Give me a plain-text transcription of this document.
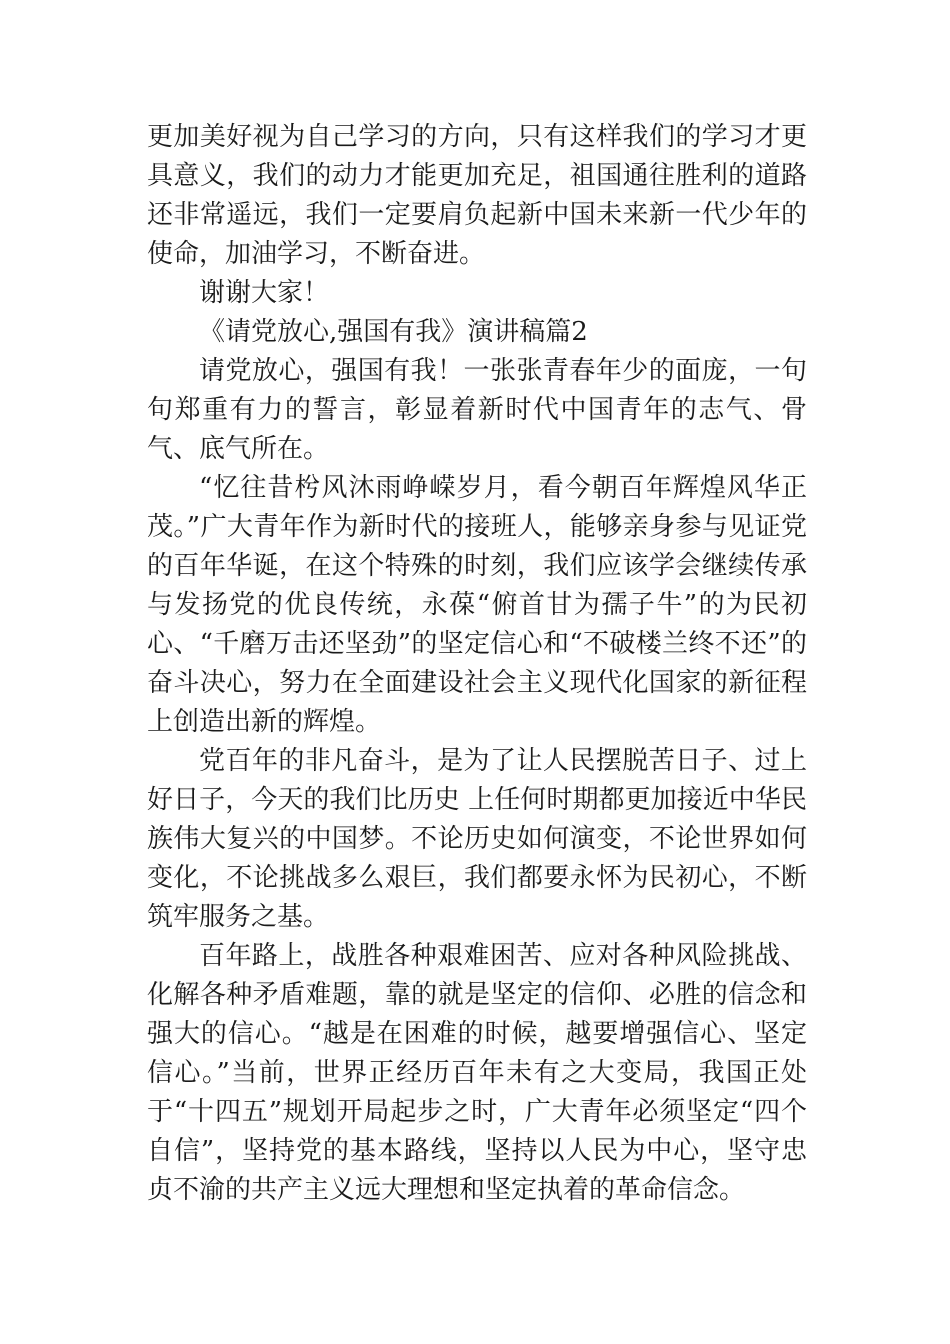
更加美好视为自己学习的方向，只有这样我们的学习才更具意义，我们的动力才能更加充足，祖国通往胜利的道路还非常遥远，我们一定要肩负起新中国未来新一代少年的使命，加油学习，不断奋进。

谢谢大家！

《请党放心,强国有我》演讲稿篇2

请党放心，强国有我！一张张青春年少的面庞，一句句郑重有力的誓言，彰显着新时代中国青年的志气、骨气、底气所在。

“忆往昔枍风沐雨峥嵘岁月，看今朝百年辉煌风华正茂。”广大青年作为新时代的接班人，能够亲身参与见证党的百年华诞，在这个特殊的时刻，我们应该学会继续传承与发扬党的优良传统，永葆“俯首甘为孺子牛”的为民初心、“千磨万击还坚劲”的坚定信心和“不破楼兰终不还”的奋斗决心，努力在全面建设社会主义现代化国家的新征程上创造出新的辉煌。

党百年的非凡奋斗，是为了让人民摆脱苦日子、过上好日子，今天的我们比历史 上任何时期都更加接近中华民族伟大复兴的中国梦。不论历史如何演变，不论世界如何变化，不论挑战多么艰巨，我们都要永怀为民初心，不断筑牢服务之基。

百年路上，战胜各种艰难困苦、应对各种风险挑战、化解各种矛盾难题，靠的就是坚定的信仰、必胜的信念和强大的信心。“越是在困难的时候，越要增强信心、坚定信心。”当前，世界正经历百年未有之大变局，我国正处于“十四五”规划开局起步之时，广大青年必须坚定“四个自信”，坚持党的基本路线，坚持以人民为中心，坚守忠贞不渝的共产主义远大理想和坚定执着的革命信念。
